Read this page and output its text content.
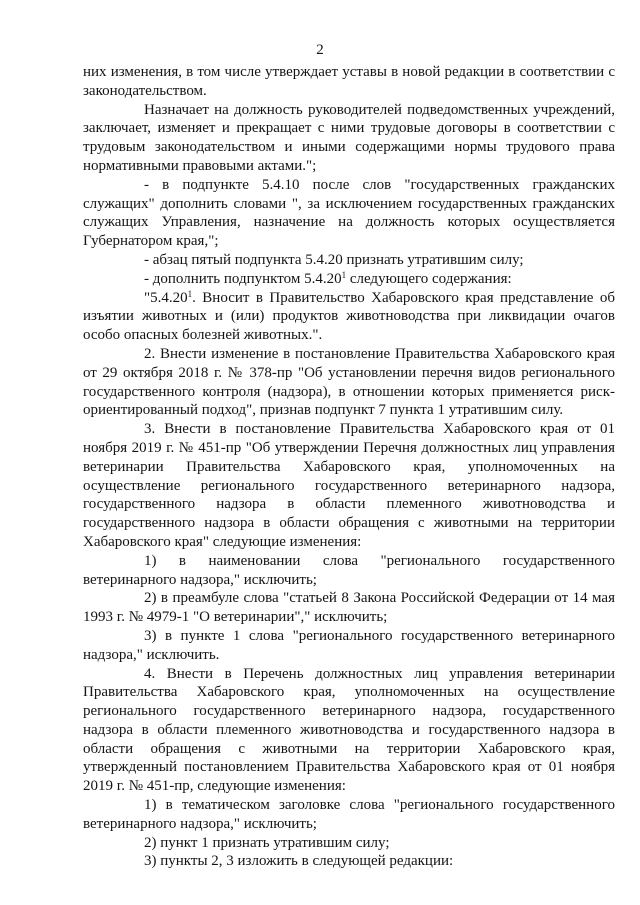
2

них изменения, в том числе утверждает уставы в новой редакции в соответствии с законодательством.

Назначает на должность руководителей подведомственных учреждений, заключает, изменяет и прекращает с ними трудовые договоры в соответствии с трудовым законодательством и иными содержащими нормы трудового права нормативными правовыми актами.";

- в подпункте 5.4.10 после слов "государственных гражданских служащих" дополнить словами ", за исключением государственных гражданских служащих Управления, назначение на должность которых осуществляется Губернатором края,";

- абзац пятый подпункта 5.4.20 признать утратившим силу;

- дополнить подпунктом 5.4.20$^1$ следующего содержания:

"5.4.20$^1$. Вносит в Правительство Хабаровского края представление об изъятии животных и (или) продуктов животноводства при ликвидации очагов особо опасных болезней животных.".

2. Внести изменение в постановление Правительства Хабаровского края от 29 октября 2018 г. № 378-пр "Об установлении перечня видов регионального государственного контроля (надзора), в отношении которых применяется риск-ориентированный подход", признав подпункт 7 пункта 1 утратившим силу.

3. Внести в постановление Правительства Хабаровского края от 01 ноября 2019 г. № 451-пр "Об утверждении Перечня должностных лиц управления ветеринарии Правительства Хабаровского края, уполномоченных на осуществление регионального государственного ветеринарного надзора, государственного надзора в области племенного животноводства и государственного надзора в области обращения с животными на территории Хабаровского края" следующие изменения:

1) в наименовании слова "регионального государственного ветеринарного надзора," исключить;

2) в преамбуле слова "статьей 8 Закона Российской Федерации от 14 мая 1993 г. № 4979-1 "О ветеринарии"," исключить;

3) в пункте 1 слова "регионального государственного ветеринарного надзора," исключить.

4. Внести в Перечень должностных лиц управления ветеринарии Правительства Хабаровского края, уполномоченных на осуществление регионального государственного ветеринарного надзора, государственного надзора в области племенного животноводства и государственного надзора в области обращения с животными на территории Хабаровского края, утвержденный постановлением Правительства Хабаровского края от 01 ноября 2019 г. № 451-пр, следующие изменения:

1) в тематическом заголовке слова "регионального государственного ветеринарного надзора," исключить;

2) пункт 1 признать утратившим силу;

3) пункты 2, 3 изложить в следующей редакции:
